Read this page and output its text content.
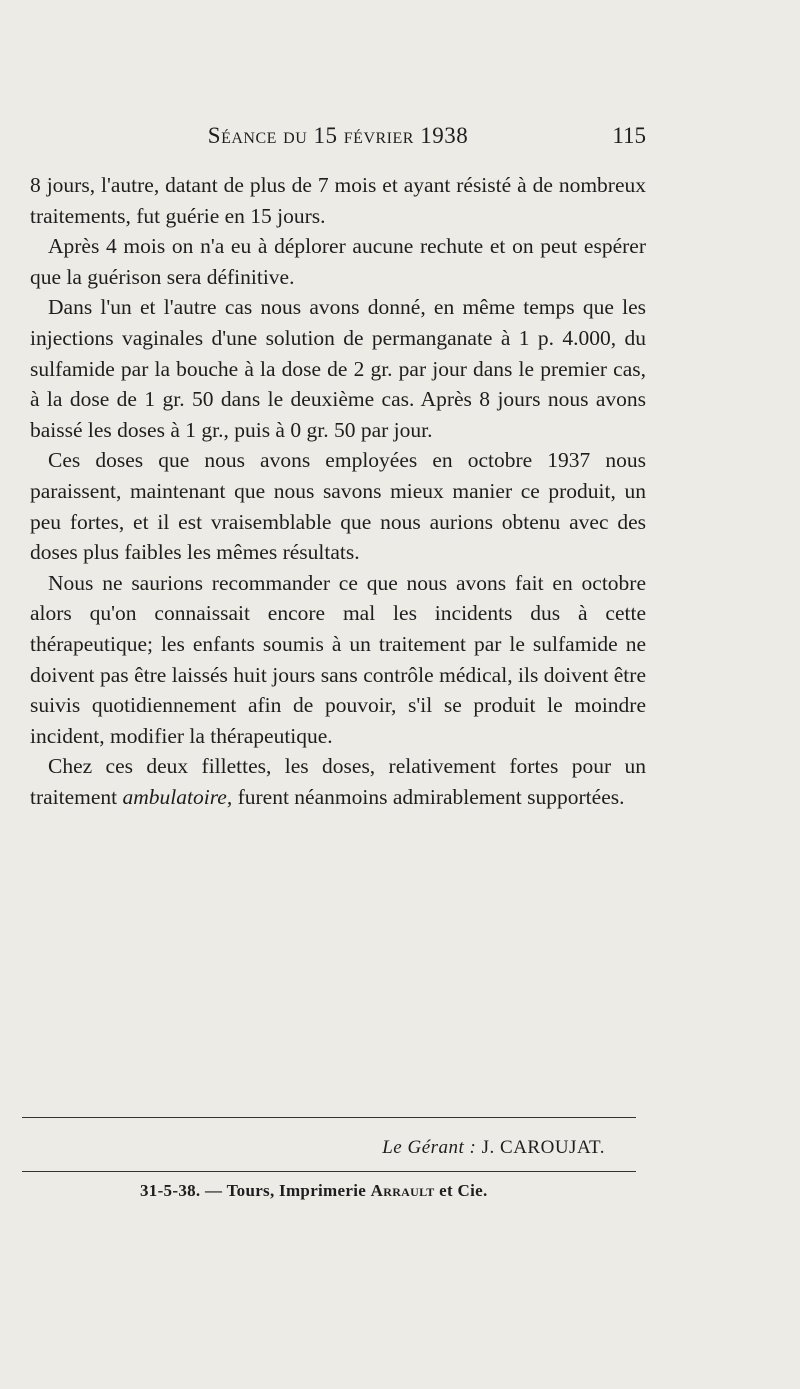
Séance du 15 février 1938	115

8 jours, l'autre, datant de plus de 7 mois et ayant résisté à de nombreux traitements, fut guérie en 15 jours.

Après 4 mois on n'a eu à déplorer aucune rechute et on peut espérer que la guérison sera définitive.

Dans l'un et l'autre cas nous avons donné, en même temps que les injections vaginales d'une solution de permanganate à 1 p. 4.000, du sulfamide par la bouche à la dose de 2 gr. par jour dans le premier cas, à la dose de 1 gr. 50 dans le deuxième cas. Après 8 jours nous avons baissé les doses à 1 gr., puis à 0 gr. 50 par jour.

Ces doses que nous avons employées en octobre 1937 nous paraissent, maintenant que nous savons mieux manier ce produit, un peu fortes, et il est vraisemblable que nous aurions obtenu avec des doses plus faibles les mêmes résultats.

Nous ne saurions recommander ce que nous avons fait en octobre alors qu'on connaissait encore mal les incidents dus à cette thérapeutique; les enfants soumis à un traitement par le sulfamide ne doivent pas être laissés huit jours sans contrôle médical, ils doivent être suivis quotidiennement afin de pouvoir, s'il se produit le moindre incident, modifier la thérapeutique.

Chez ces deux fillettes, les doses, relativement fortes pour un traitement ambulatoire, furent néanmoins admirablement supportées.

Le Gérant : J. CAROUJAT.
31-5-38. — Tours, Imprimerie Arrault et Cie.
